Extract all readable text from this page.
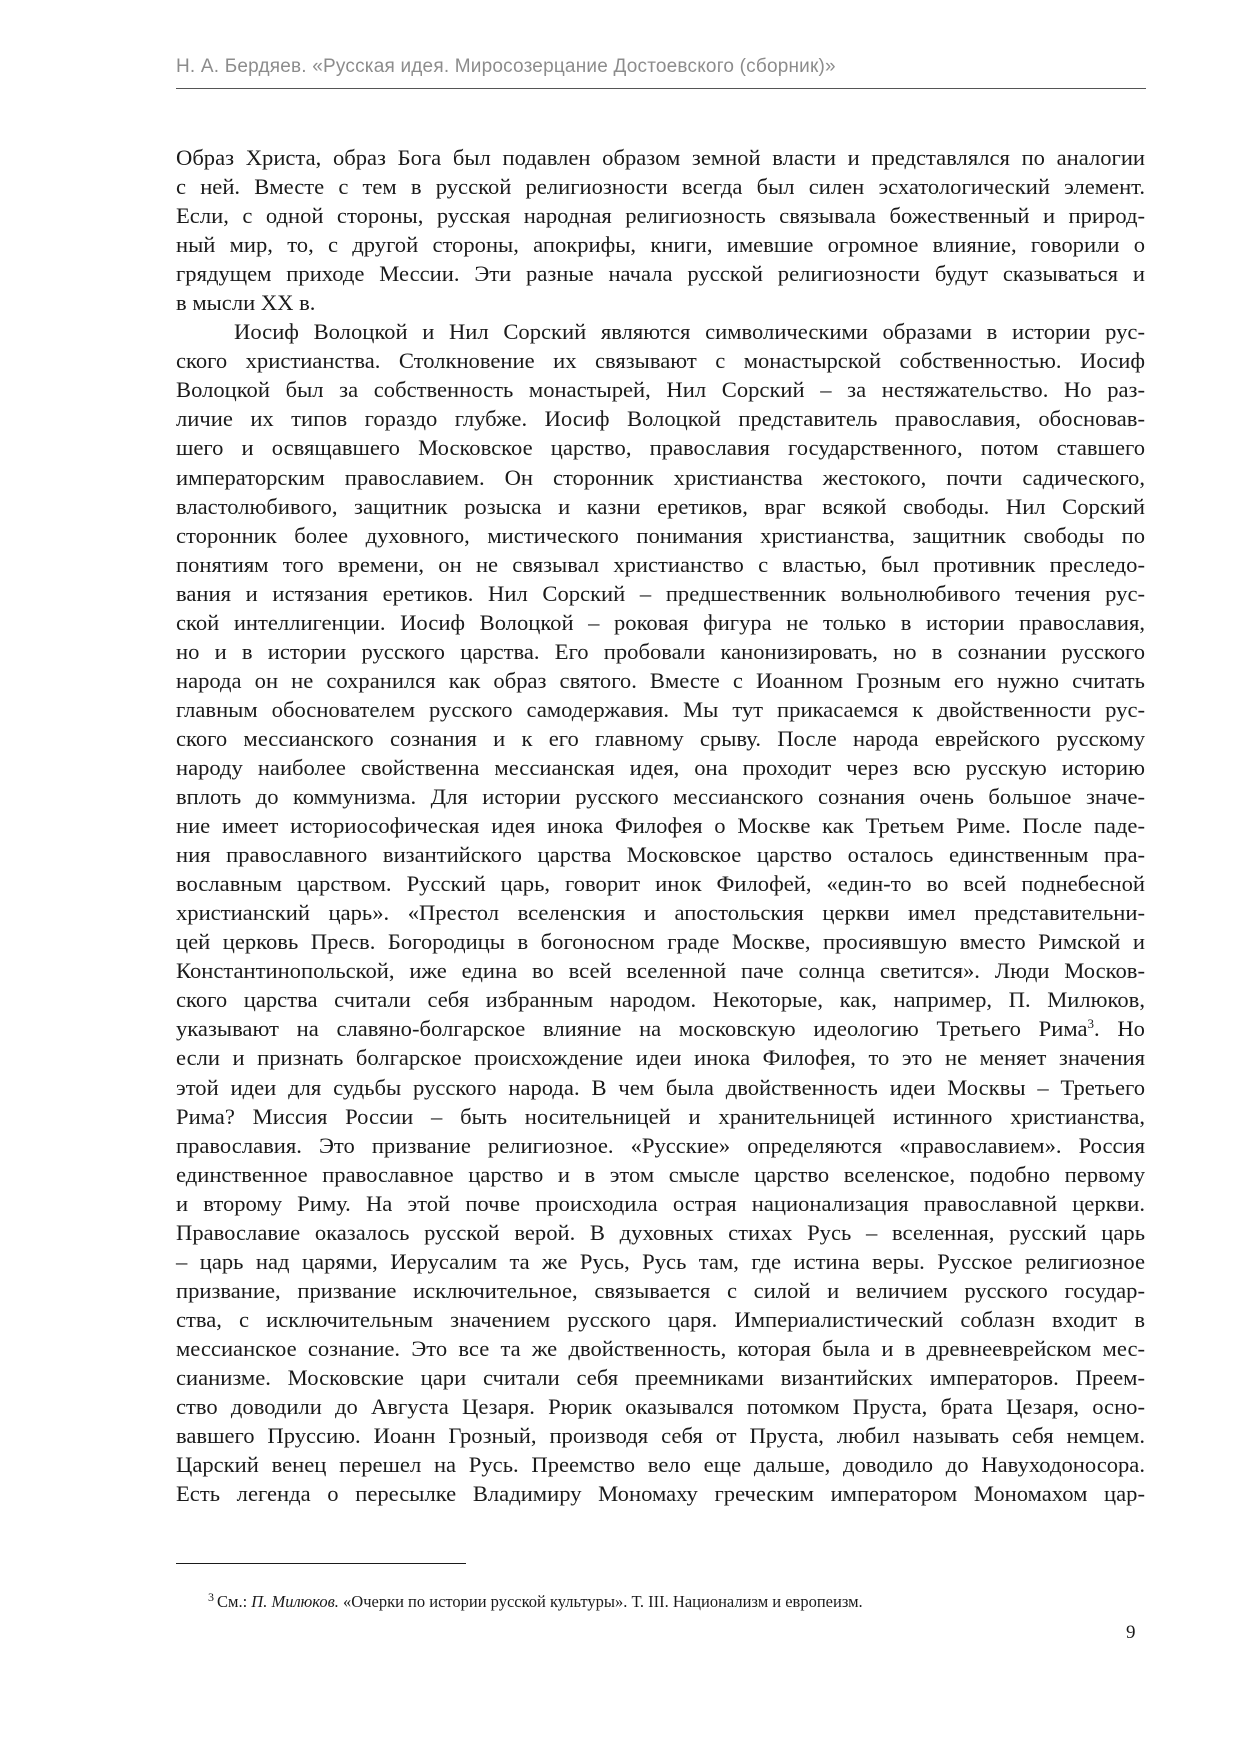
Н. А. Бердяев. «Русская идея. Миросозерцание Достоевского (сборник)»
Образ Христа, образ Бога был подавлен образом земной власти и представлялся по аналогии
с ней. Вместе с тем в русской религиозности всегда был силен эсхатологический элемент.
Если, с одной стороны, русская народная религиозность связывала божественный и природ-
ный мир, то, с другой стороны, апокрифы, книги, имевшие огромное влияние, говорили о
грядущем приходе Мессии. Эти разные начала русской религиозности будут сказываться и
в мысли XX в.
Иосиф Волоцкой и Нил Сорский являются символическими образами в истории рус-
ского христианства. Столкновение их связывают с монастырской собственностью. Иосиф
Волоцкой был за собственность монастырей, Нил Сорский – за нестяжательство. Но раз-
личие их типов гораздо глубже. Иосиф Волоцкой представитель православия, обосновав-
шего и освящавшего Московское царство, православия государственного, потом ставшего
императорским православием. Он сторонник христианства жестокого, почти садического,
властолюбивого, защитник розыска и казни еретиков, враг всякой свободы. Нил Сорский
сторонник более духовного, мистического понимания христианства, защитник свободы по
понятиям того времени, он не связывал христианство с властью, был противник преследо-
вания и истязания еретиков. Нил Сорский – предшественник вольнолюбивого течения рус-
ской интеллигенции. Иосиф Волоцкой – роковая фигура не только в истории православия,
но и в истории русского царства. Его пробовали канонизировать, но в сознании русского
народа он не сохранился как образ святого. Вместе с Иоанном Грозным его нужно считать
главным обоснователем русского самодержавия. Мы тут прикасаемся к двойственности рус-
ского мессианского сознания и к его главному срыву. После народа еврейского русскому
народу наиболее свойственна мессианская идея, она проходит через всю русскую историю
вплоть до коммунизма. Для истории русского мессианского сознания очень большое значе-
ние имеет историософическая идея инока Филофея о Москве как Третьем Риме. После паде-
ния православного византийского царства Московское царство осталось единственным пра-
вославным царством. Русский царь, говорит инок Филофей, «един-то во всей поднебесной
христианский царь». «Престол вселенския и апостольския церкви имел представительни-
цей церковь Пресв. Богородицы в богоносном граде Москве, просиявшую вместо Римской и
Константинопольской, иже едина во всей вселенной паче солнца светится». Люди Москов-
ского царства считали себя избранным народом. Некоторые, как, например, П. Милюков,
указывают на славяно-болгарское влияние на московскую идеологию Третьего Рима$^3$. Но
если и признать болгарское происхождение идеи инока Филофея, то это не меняет значения
этой идеи для судьбы русского народа. В чем была двойственность идеи Москвы – Третьего
Рима? Миссия России – быть носительницей и хранительницей истинного христианства,
православия. Это призвание религиозное. «Русские» определяются «православием». Россия
единственное православное царство и в этом смысле царство вселенское, подобно первому
и второму Риму. На этой почве происходила острая национализация православной церкви.
Православие оказалось русской верой. В духовных стихах Русь – вселенная, русский царь
– царь над царями, Иерусалим та же Русь, Русь там, где истина веры. Русское религиозное
призвание, призвание исключительное, связывается с силой и величием русского государ-
ства, с исключительным значением русского царя. Империалистический соблазн входит в
мессианское сознание. Это все та же двойственность, которая была и в древнееврейском мес-
сианизме. Московские цари считали себя преемниками византийских императоров. Преем-
ство доводили до Августа Цезаря. Рюрик оказывался потомком Пруста, брата Цезаря, осно-
вавшего Пруссию. Иоанн Грозный, производя себя от Пруста, любил называть себя немцем.
Царский венец перешел на Русь. Преемство вело еще дальше, доводило до Навуходоносора.
Есть легенда о пересылке Владимиру Мономаху греческим императором Мономахом цар-
$^3$ См.: П. Милюков. «Очерки по истории русской культуры». Т. III. Национализм и европеизм.
9
